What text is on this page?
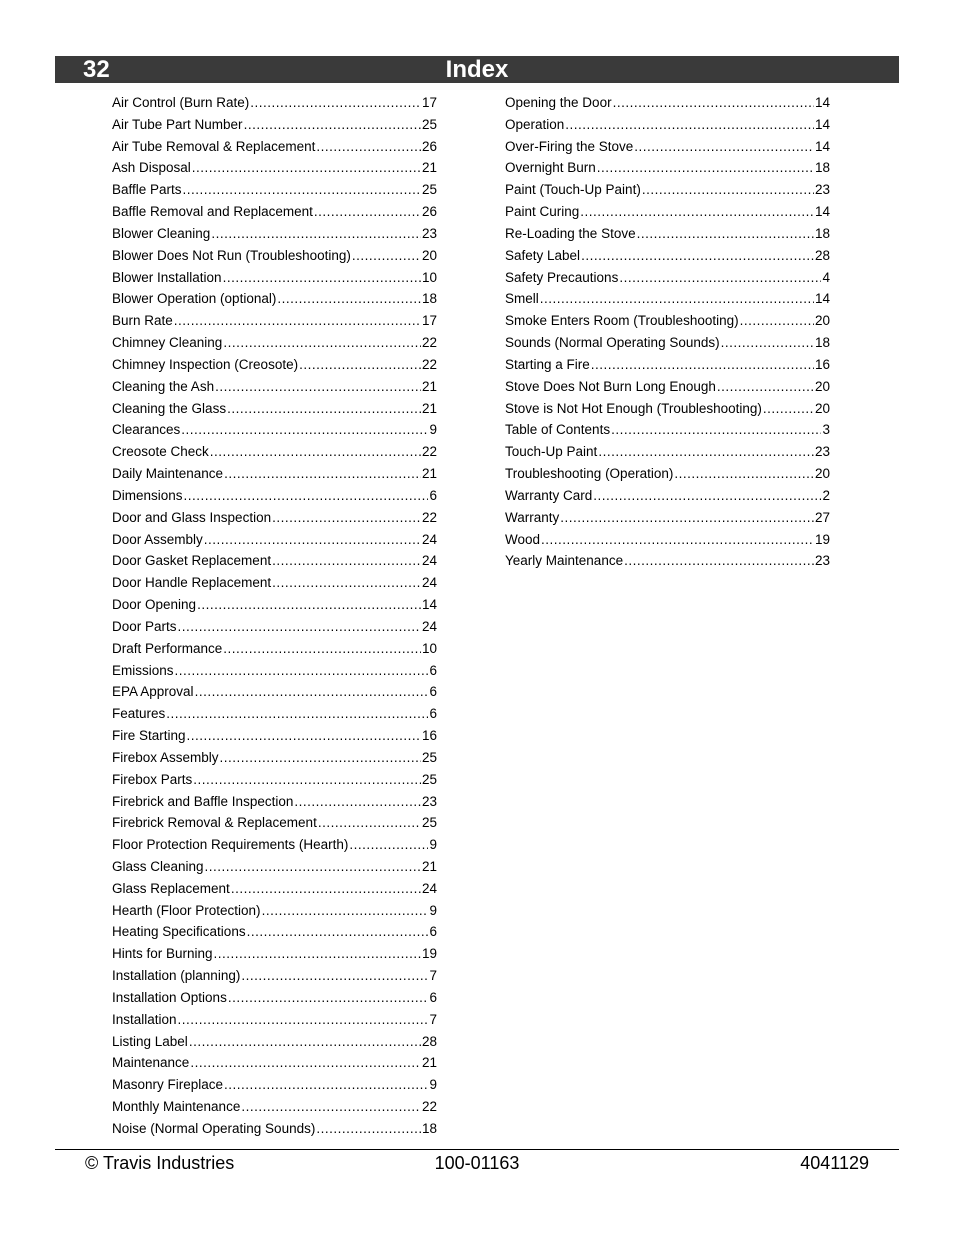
32	Index
Air Control (Burn Rate) .....	17
Air Tube Part Number .....	25
Air Tube Removal & Replacement .....	26
Ash Disposal .....	21
Baffle Parts .....	25
Baffle Removal and Replacement .....	26
Blower Cleaning .....	23
Blower Does Not Run (Troubleshooting) .....	20
Blower Installation .....	10
Blower Operation (optional) .....	18
Burn Rate .....	17
Chimney Cleaning .....	22
Chimney Inspection (Creosote) .....	22
Cleaning the Ash .....	21
Cleaning the Glass .....	21
Clearances .....	9
Creosote Check .....	22
Daily Maintenance .....	21
Dimensions .....	6
Door and Glass Inspection .....	22
Door Assembly .....	24
Door Gasket Replacement .....	24
Door Handle Replacement .....	24
Door Opening .....	14
Door Parts .....	24
Draft Performance .....	10
Emissions .....	6
EPA Approval .....	6
Features .....	6
Fire Starting .....	16
Firebox Assembly .....	25
Firebox Parts .....	25
Firebrick and Baffle Inspection .....	23
Firebrick Removal & Replacement .....	25
Floor Protection Requirements (Hearth) .....	9
Glass Cleaning .....	21
Glass Replacement .....	24
Hearth (Floor Protection) .....	9
Heating Specifications .....	6
Hints for Burning .....	19
Installation (planning) .....	7
Installation Options .....	6
Installation .....	7
Listing Label .....	28
Maintenance .....	21
Masonry Fireplace .....	9
Monthly Maintenance .....	22
Noise (Normal Operating Sounds) .....	18
Opening the Door .....	14
Operation .....	14
Over-Firing the Stove .....	14
Overnight Burn .....	18
Paint (Touch-Up Paint) .....	23
Paint Curing .....	14
Re-Loading the Stove .....	18
Safety Label .....	28
Safety Precautions .....	4
Smell .....	14
Smoke Enters Room (Troubleshooting) .....	20
Sounds (Normal Operating Sounds) .....	18
Starting a Fire .....	16
Stove Does Not Burn Long Enough .....	20
Stove is Not Hot Enough (Troubleshooting) .....	20
Table of Contents .....	3
Touch-Up Paint .....	23
Troubleshooting (Operation) .....	20
Warranty Card .....	2
Warranty .....	27
Wood .....	19
Yearly Maintenance .....	23
© Travis Industries	100-01163	4041129
